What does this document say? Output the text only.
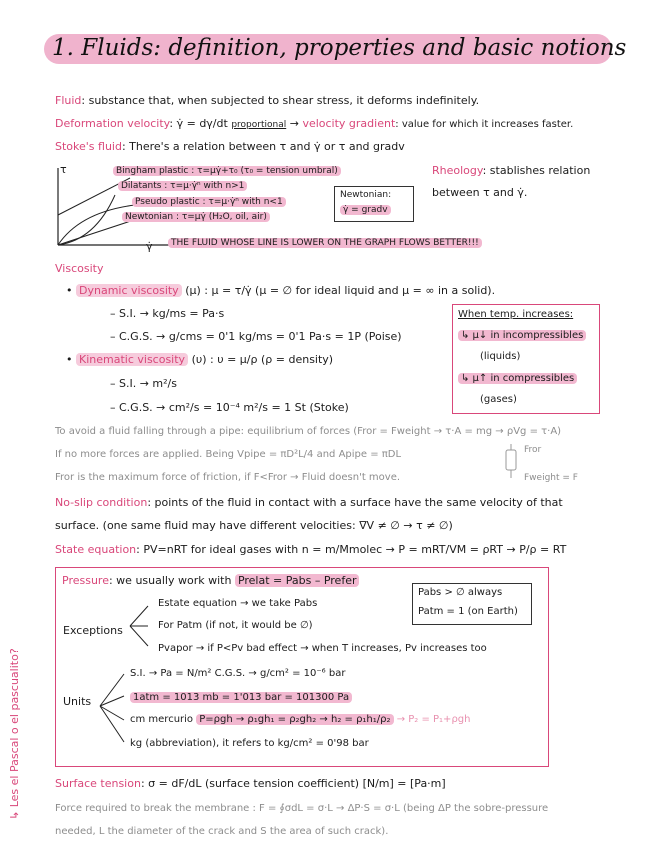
1. Fluids: definition, properties and basic notions
Fluid: substance that, when subjected to shear stress, it deforms indefinitely.
Deformation velocity: γ̇ = dγ/dt proportional → velocity gradient: value for which it increases faster.
Stoke's fluid: There's a relation between τ and γ̇ or τ and gradv
τ
γ̇
Bingham plastic : τ=μγ̇+τ₀ (τ₀ = tension umbral)
Dilatants : τ=μ·γ̇ⁿ with n>1
Pseudo plastic : τ=μ·γ̇ⁿ with n<1
Newtonian : τ=μγ̇ (H₂O, oil, air)
Newtonian:
γ̇ = gradv
THE FLUID WHOSE LINE IS LOWER ON THE GRAPH FLOWS BETTER!!!
Rheology: stablishes relation
between τ and γ̇.
Viscosity
• Dynamic viscosity (μ) : μ = τ/γ̇ (μ = ∅ for ideal liquid and μ = ∞ in a solid).
– S.I. → kg/ms = Pa·s
– C.G.S. → g/cms = 0'1 kg/ms = 0'1 Pa·s = 1P (Poise)
• Kinematic viscosity (υ) : υ = μ/ρ (ρ = density)
– S.I. → m²/s
– C.G.S. → cm²/s = 10⁻⁴ m²/s = 1 St (Stoke)
When temp. increases:
↳ μ↓ in incompressibles
(liquids)
↳ μ↑ in compressibles
(gases)
To avoid a fluid falling through a pipe: equilibrium of forces (Fror = Fweight → τ·A = mg → ρVg = τ·A)
If no more forces are applied. Being Vpipe = πD²L/4 and Apipe = πDL
Fror is the maximum force of friction, if F<Fror → Fluid doesn't move.
Fror
Fweight = F
No-slip condition: points of the fluid in contact with a surface have the same velocity of that
surface. (one same fluid may have different velocities: ∇V ≠ ∅ → τ ≠ ∅)
State equation: PV=nRT for ideal gases with n = m/Mmolec → P = mRT/VM = ρRT → P/ρ = RT
Pressure: we usually work with Prelat = Pabs – Prefer
Pabs > ∅ always
Patm = 1 (on Earth)
Exceptions
Estate equation → we take Pabs
For Patm (if not, it would be ∅)
Pvapor → if P<Pv bad effect → when T increases, Pv increases too
Units
S.I. → Pa = N/m² C.G.S. → g/cm² = 10⁻⁶ bar
1atm = 1013 mb = 1'013 bar = 101300 Pa
cm mercurio P=ρgh → ρ₁gh₁ = ρ₂gh₂ → h₂ = ρ₁h₁/ρ₂ → P₂ = P₁+ρgh
kg (abbreviation), it refers to kg/cm² = 0'98 bar
Surface tension: σ = dF/dL (surface tension coefficient) [N/m] = [Pa·m]
Force required to break the membrane : F = ∮σdL = σ·L → ΔP·S = σ·L (being ΔP the sobre-pressure
needed, L the diameter of the crack and S the area of such crack).
↳ Les el Pascal o el pascualito?
